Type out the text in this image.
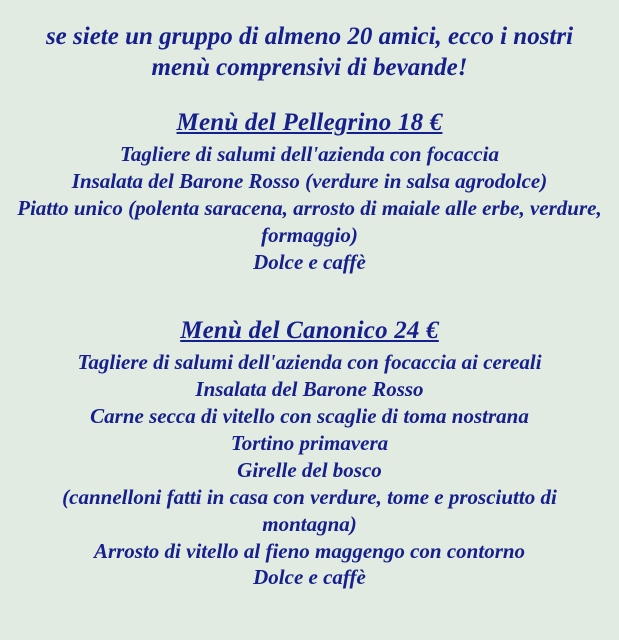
se siete un gruppo di almeno 20 amici, ecco i nostri menù comprensivi di bevande!

Menù del Pellegrino 18 €
Tagliere di salumi dell'azienda con focaccia
Insalata del Barone Rosso (verdure in salsa agrodolce)
Piatto unico (polenta saracena, arrosto di maiale alle erbe, verdure, formaggio)
Dolce e caffè
Menù del Canonico 24 €
Tagliere di salumi dell'azienda con focaccia ai cereali
Insalata del Barone Rosso
Carne secca di vitello con scaglie di toma nostrana
Tortino primavera
Girelle del bosco
(cannelloni fatti in casa con verdure, tome e prosciutto di montagna)
Arrosto di vitello al fieno maggengo con contorno
Dolce e caffè
